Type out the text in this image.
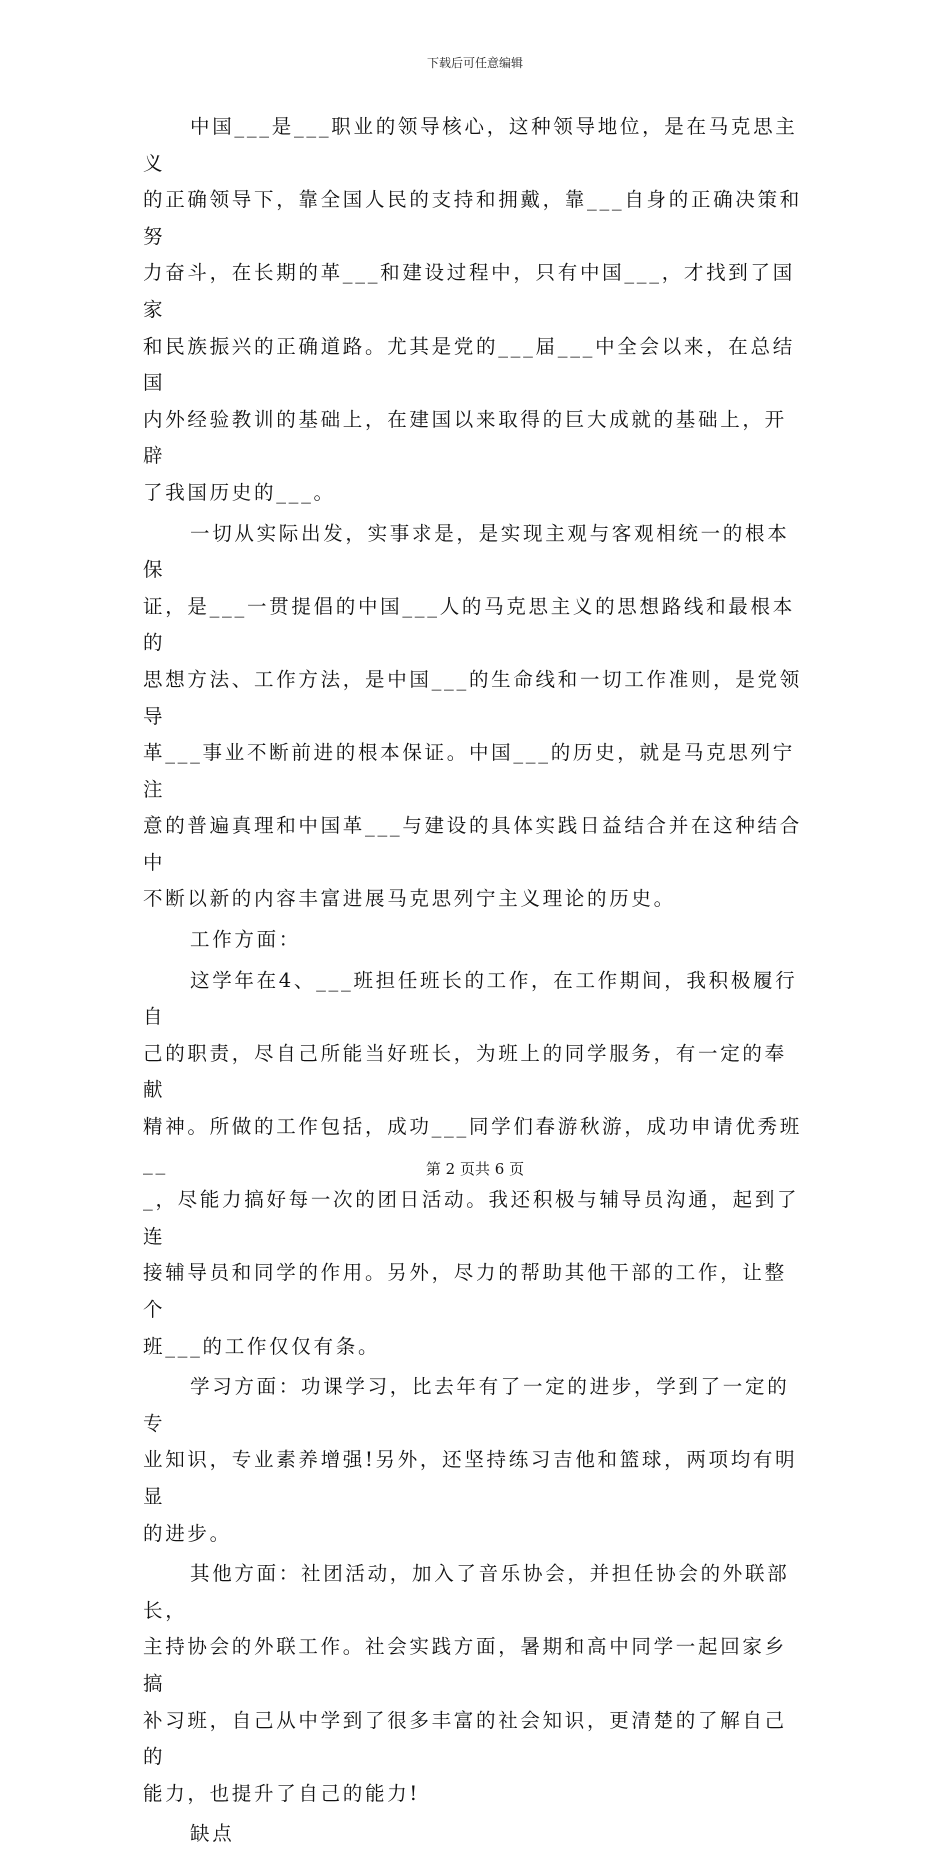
下载后可任意编辑

中国___是___职业的领导核心，这种领导地位，是在马克思主义
的正确领导下，靠全国人民的支持和拥戴，靠___自身的正确决策和努
力奋斗，在长期的革___和建设过程中，只有中国___，才找到了国家
和民族振兴的正确道路。尤其是党的___届___中全会以来，在总结国
内外经验教训的基础上，在建国以来取得的巨大成就的基础上，开辟
了我国历史的___。

一切从实际出发，实事求是，是实现主观与客观相统一的根本保
证，是___一贯提倡的中国___人的马克思主义的思想路线和最根本的
思想方法、工作方法，是中国___的生命线和一切工作准则，是党领导
革___事业不断前进的根本保证。中国___的历史，就是马克思列宁注
意的普遍真理和中国革___与建设的具体实践日益结合并在这种结合中
不断以新的内容丰富进展马克思列宁主义理论的历史。

工作方面：

这学年在4、___班担任班长的工作，在工作期间，我积极履行自
己的职责，尽自己所能当好班长，为班上的同学服务，有一定的奉献
精神。所做的工作包括，成功___同学们春游秋游，成功申请优秀班__
_，尽能力搞好每一次的团日活动。我还积极与辅导员沟通，起到了连
接辅导员和同学的作用。另外，尽力的帮助其他干部的工作，让整个
班___的工作仅仅有条。

学习方面：功课学习，比去年有了一定的进步，学到了一定的专
业知识，专业素养增强!另外，还坚持练习吉他和篮球，两项均有明显
的进步。

其他方面：社团活动，加入了音乐协会，并担任协会的外联部长，
主持协会的外联工作。社会实践方面，暑期和高中同学一起回家乡搞
补习班，自己从中学到了很多丰富的社会知识，更清楚的了解自己的
能力，也提升了自己的能力!

缺点

第 2 页共 6 页
